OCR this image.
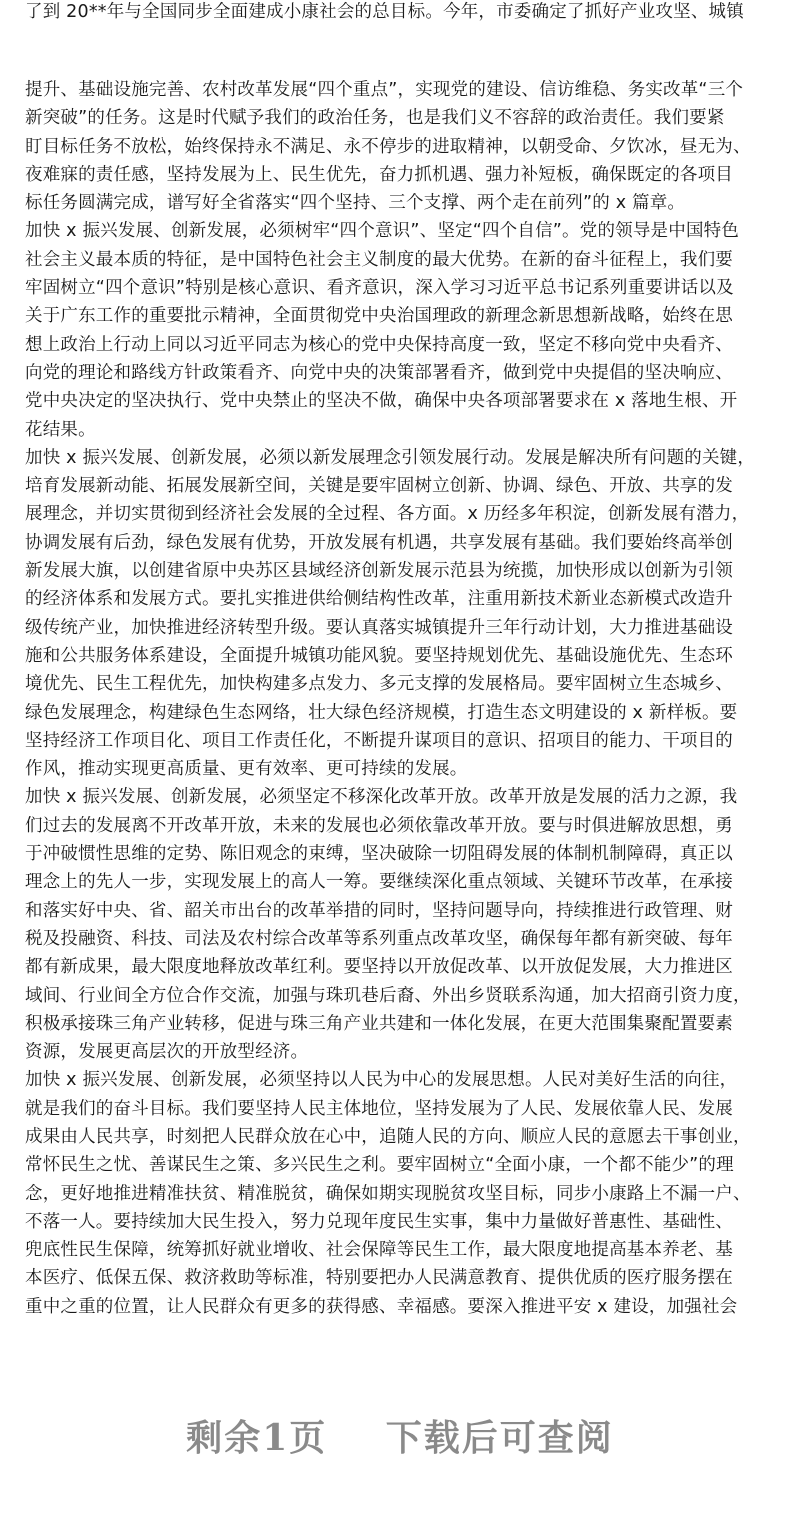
了到 20**年与全国同步全面建成小康社会的总目标。今年，市委确定了抓好产业攻坚、城镇
提升、基础设施完善、农村改革发展“四个重点”，实现党的建设、信访维稳、务实改革“三个
新突破”的任务。这是时代赋予我们的政治任务，也是我们义不容辞的政治责任。我们要紧
盯目标任务不放松，始终保持永不满足、永不停步的进取精神，以朝受命、夕饮冰，昼无为、
夜难寐的责任感，坚持发展为上、民生优先，奋力抓机遇、强力补短板，确保既定的各项目
标任务圆满完成，谱写好全省落实“四个坚持、三个支撑、两个走在前列”的 x 篇章。
加快 x 振兴发展、创新发展，必须树牢“四个意识”、坚定“四个自信”。党的领导是中国特色
社会主义最本质的特征，是中国特色社会主义制度的最大优势。在新的奋斗征程上，我们要
牢固树立“四个意识”特别是核心意识、看齐意识，深入学习习近平总书记系列重要讲话以及
关于广东工作的重要批示精神，全面贯彻党中央治国理政的新理念新思想新战略，始终在思
想上政治上行动上同以习近平同志为核心的党中央保持高度一致，坚定不移向党中央看齐、
向党的理论和路线方针政策看齐、向党中央的决策部署看齐，做到党中央提倡的坚决响应、
党中央决定的坚决执行、党中央禁止的坚决不做，确保中央各项部署要求在 x 落地生根、开
花结果。
加快 x 振兴发展、创新发展，必须以新发展理念引领发展行动。发展是解决所有问题的关键，
培育发展新动能、拓展发展新空间，关键是要牢固树立创新、协调、绿色、开放、共享的发
展理念，并切实贯彻到经济社会发展的全过程、各方面。x 历经多年积淀，创新发展有潜力，
协调发展有后劲，绿色发展有优势，开放发展有机遇，共享发展有基础。我们要始终高举创
新发展大旗，以创建省原中央苏区县域经济创新发展示范县为统揽，加快形成以创新为引领
的经济体系和发展方式。要扎实推进供给侧结构性改革，注重用新技术新业态新模式改造升
级传统产业，加快推进经济转型升级。要认真落实城镇提升三年行动计划，大力推进基础设
施和公共服务体系建设，全面提升城镇功能风貌。要坚持规划优先、基础设施优先、生态环
境优先、民生工程优先，加快构建多点发力、多元支撑的发展格局。要牢固树立生态城乡、
绿色发展理念，构建绿色生态网络，壮大绿色经济规模，打造生态文明建设的 x 新样板。要
坚持经济工作项目化、项目工作责任化，不断提升谋项目的意识、招项目的能力、干项目的
作风，推动实现更高质量、更有效率、更可持续的发展。
加快 x 振兴发展、创新发展，必须坚定不移深化改革开放。改革开放是发展的活力之源，我
们过去的发展离不开改革开放，未来的发展也必须依靠改革开放。要与时俱进解放思想，勇
于冲破惯性思维的定势、陈旧观念的束缚，坚决破除一切阻碍发展的体制机制障碍，真正以
理念上的先人一步，实现发展上的高人一筹。要继续深化重点领域、关键环节改革，在承接
和落实好中央、省、韶关市出台的改革举措的同时，坚持问题导向，持续推进行政管理、财
税及投融资、科技、司法及农村综合改革等系列重点改革攻坚，确保每年都有新突破、每年
都有新成果，最大限度地释放改革红利。要坚持以开放促改革、以开放促发展，大力推进区
域间、行业间全方位合作交流，加强与珠玑巷后裔、外出乡贤联系沟通，加大招商引资力度，
积极承接珠三角产业转移，促进与珠三角产业共建和一体化发展，在更大范围集聚配置要素
资源，发展更高层次的开放型经济。
加快 x 振兴发展、创新发展，必须坚持以人民为中心的发展思想。人民对美好生活的向往，
就是我们的奋斗目标。我们要坚持人民主体地位，坚持发展为了人民、发展依靠人民、发展
成果由人民共享，时刻把人民群众放在心中，追随人民的方向、顺应人民的意愿去干事创业，
常怀民生之忧、善谋民生之策、多兴民生之利。要牢固树立“全面小康，一个都不能少”的理
念，更好地推进精准扶贫、精准脱贫，确保如期实现脱贫攻坚目标，同步小康路上不漏一户、
不落一人。要持续加大民生投入，努力兑现年度民生实事，集中力量做好普惠性、基础性、
兜底性民生保障，统筹抓好就业增收、社会保障等民生工作，最大限度地提高基本养老、基
本医疗、低保五保、救济救助等标准，特别要把办人民满意教育、提供优质的医疗服务摆在
重中之重的位置，让人民群众有更多的获得感、幸福感。要深入推进平安 x 建设，加强社会
剩余1页 下载后可查阅
